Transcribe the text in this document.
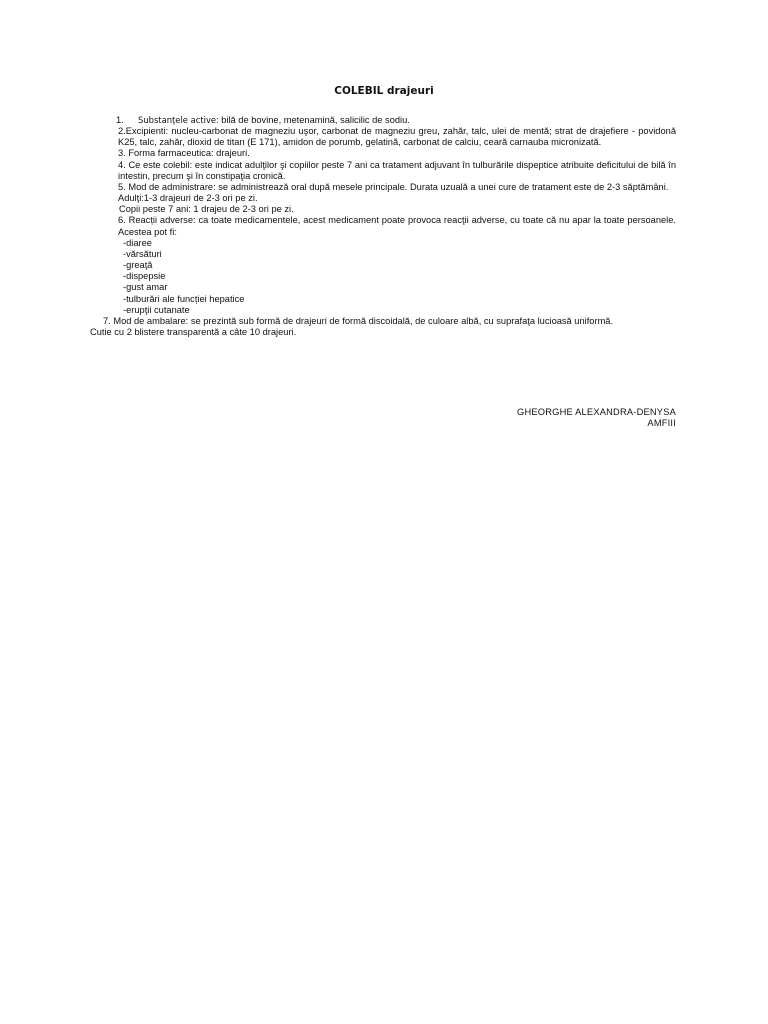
COLEBIL drajeuri

1. Substanțele active: bilă de bovine, metenamină, salicilic de sodiu.

2.Excipienti: nucleu-carbonat de magneziu uşor, carbonat de magneziu greu, zahăr, talc, ulei de mentă; strat de drajefiere - povidonă K25, talc, zahăr, dioxid de titan (E 171), amidon de porumb, gelatină, carbonat de calciu, ceară carnauba micronizată.

3. Forma farmaceutica: drajeuri.

4. Ce este colebil: este indicat adulţilor şi copiilor peste 7 ani ca tratament adjuvant în tulburările dispeptice atribuite deficitului de bilă în intestin, precum şi în constipaţia cronică.

5. Mod de administrare: se administrează oral după mesele principale. Durata uzuală a unei cure de tratament este de 2-3 săptămâni.

Adulţi:1-3 drajeuri de 2-3 ori pe zi.

Copii peste 7 ani: 1 drajeu de 2-3 ori pe zi.

6. Reacții adverse: ca toate medicamentele, acest medicament poate provoca reacţii adverse, cu toate că nu apar la toate persoanele. Acestea pot fi:

-diaree
-vărsături
-greaţă
-dispepsie
-gust amar
-tulburări ale funcției hepatice
-erupţii cutanate

7. Mod de ambalare: se prezintă sub formă de drajeuri de formă discoidală, de culoare albă, cu suprafaţa lucioasă uniformă.

Cutie cu 2 blistere transparentă a câte 10 drajeuri.

GHEORGHE ALEXANDRA-DENYSA
AMFIII
